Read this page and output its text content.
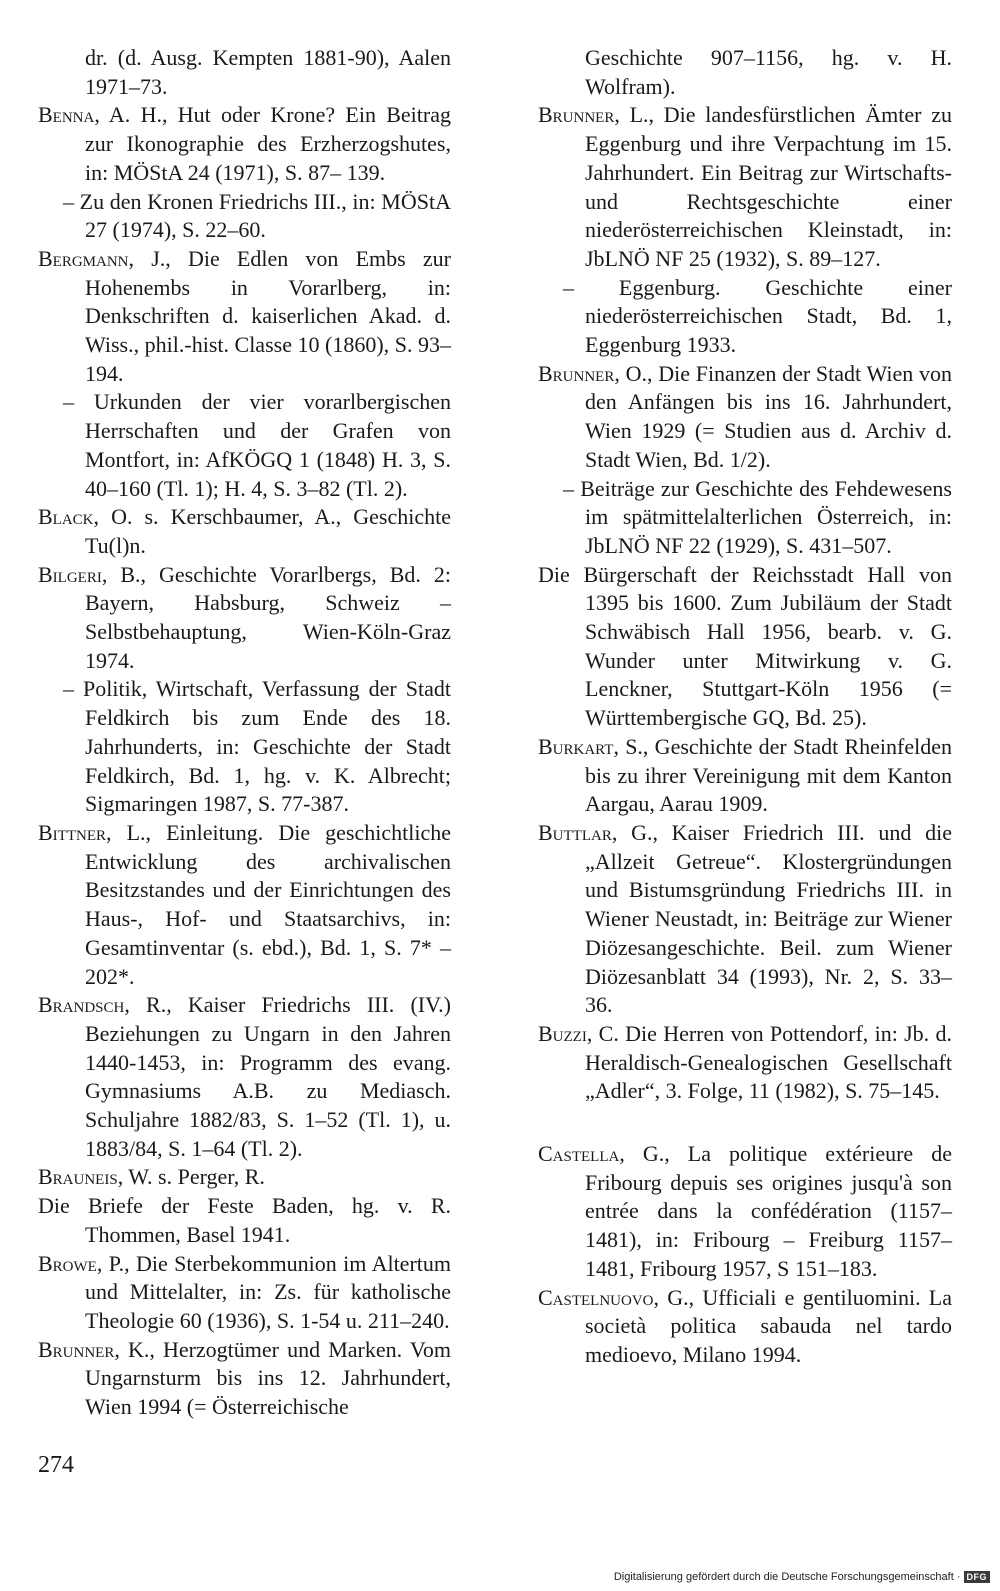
dr. (d. Ausg. Kempten 1881-90), Aalen 1971–73.

Benna, A. H., Hut oder Krone? Ein Beitrag zur Ikonographie des Erzherzogshutes, in: MÖStA 24 (1971), S. 87– 139.

– Zu den Kronen Friedrichs III., in: MÖStA 27 (1974), S. 22–60.

Bergmann, J., Die Edlen von Embs zur Hohenembs in Vorarlberg, in: Denkschriften d. kaiserlichen Akad. d. Wiss., phil.-hist. Classe 10 (1860), S. 93–194.

– Urkunden der vier vorarlbergischen Herrschaften und der Grafen von Montfort, in: AfKÖGQ 1 (1848) H. 3, S. 40–160 (Tl. 1); H. 4, S. 3–82 (Tl. 2).

Black, O. s. Kerschbaumer, A., Geschichte Tu(l)n.

Bilgeri, B., Geschichte Vorarlbergs, Bd. 2: Bayern, Habsburg, Schweiz – Selbstbehauptung, Wien-Köln-Graz 1974.

– Politik, Wirtschaft, Verfassung der Stadt Feldkirch bis zum Ende des 18. Jahrhunderts, in: Geschichte der Stadt Feldkirch, Bd. 1, hg. v. K. Albrecht; Sigmaringen 1987, S. 77-387.

Bittner, L., Einleitung. Die geschichtliche Entwicklung des archivalischen Besitzstandes und der Einrichtungen des Haus-, Hof- und Staatsarchivs, in: Gesamtinventar (s. ebd.), Bd. 1, S. 7* – 202*.

Brandsch, R., Kaiser Friedrichs III. (IV.) Beziehungen zu Ungarn in den Jahren 1440-1453, in: Programm des evang. Gymnasiums A.B. zu Mediasch. Schuljahre 1882/83, S. 1–52 (Tl. 1), u. 1883/84, S. 1–64 (Tl. 2).

Brauneis, W. s. Perger, R.

Die Briefe der Feste Baden, hg. v. R. Thommen, Basel 1941.

Browe, P., Die Sterbekommunion im Altertum und Mittelalter, in: Zs. für katholische Theologie 60 (1936), S. 1-54 u. 211–240.

Brunner, K., Herzogtümer und Marken. Vom Ungarnsturm bis ins 12. Jahrhundert, Wien 1994 (= Österreichische

Geschichte 907–1156, hg. v. H. Wolfram).

Brunner, L., Die landesfürstlichen Ämter zu Eggenburg und ihre Verpachtung im 15. Jahrhundert. Ein Beitrag zur Wirtschafts- und Rechtsgeschichte einer niederösterreichischen Kleinstadt, in: JbLNÖ NF 25 (1932), S. 89–127.

– Eggenburg. Geschichte einer niederösterreichischen Stadt, Bd. 1, Eggenburg 1933.

Brunner, O., Die Finanzen der Stadt Wien von den Anfängen bis ins 16. Jahrhundert, Wien 1929 (= Studien aus d. Archiv d. Stadt Wien, Bd. 1/2).

– Beiträge zur Geschichte des Fehdewesens im spätmittelalterlichen Österreich, in: JbLNÖ NF 22 (1929), S. 431–507.

Die Bürgerschaft der Reichsstadt Hall von 1395 bis 1600. Zum Jubiläum der Stadt Schwäbisch Hall 1956, bearb. v. G. Wunder unter Mitwirkung v. G. Lenckner, Stuttgart-Köln 1956 (= Württembergische GQ, Bd. 25).

Burkart, S., Geschichte der Stadt Rheinfelden bis zu ihrer Vereinigung mit dem Kanton Aargau, Aarau 1909.

Buttlar, G., Kaiser Friedrich III. und die „Allzeit Getreue“. Klostergründungen und Bistumsgründung Friedrichs III. in Wiener Neustadt, in: Beiträge zur Wiener Diözesangeschichte. Beil. zum Wiener Diözesanblatt 34 (1993), Nr. 2, S. 33– 36.

Buzzi, C. Die Herren von Pottendorf, in: Jb. d. Heraldisch-Genealogischen Gesellschaft „Adler“, 3. Folge, 11 (1982), S. 75–145.

Castella, G., La politique extérieure de Fribourg depuis ses origines jusqu'à son entrée dans la confédération (1157–1481), in: Fribourg – Freiburg 1157–1481, Fribourg 1957, S 151–183.

Castelnuovo, G., Ufficiali e gentiluomini. La società politica sabauda nel tardo medioevo, Milano 1994.

274
Digitalisierung gefördert durch die Deutsche Forschungsgemeinschaft · DFG
